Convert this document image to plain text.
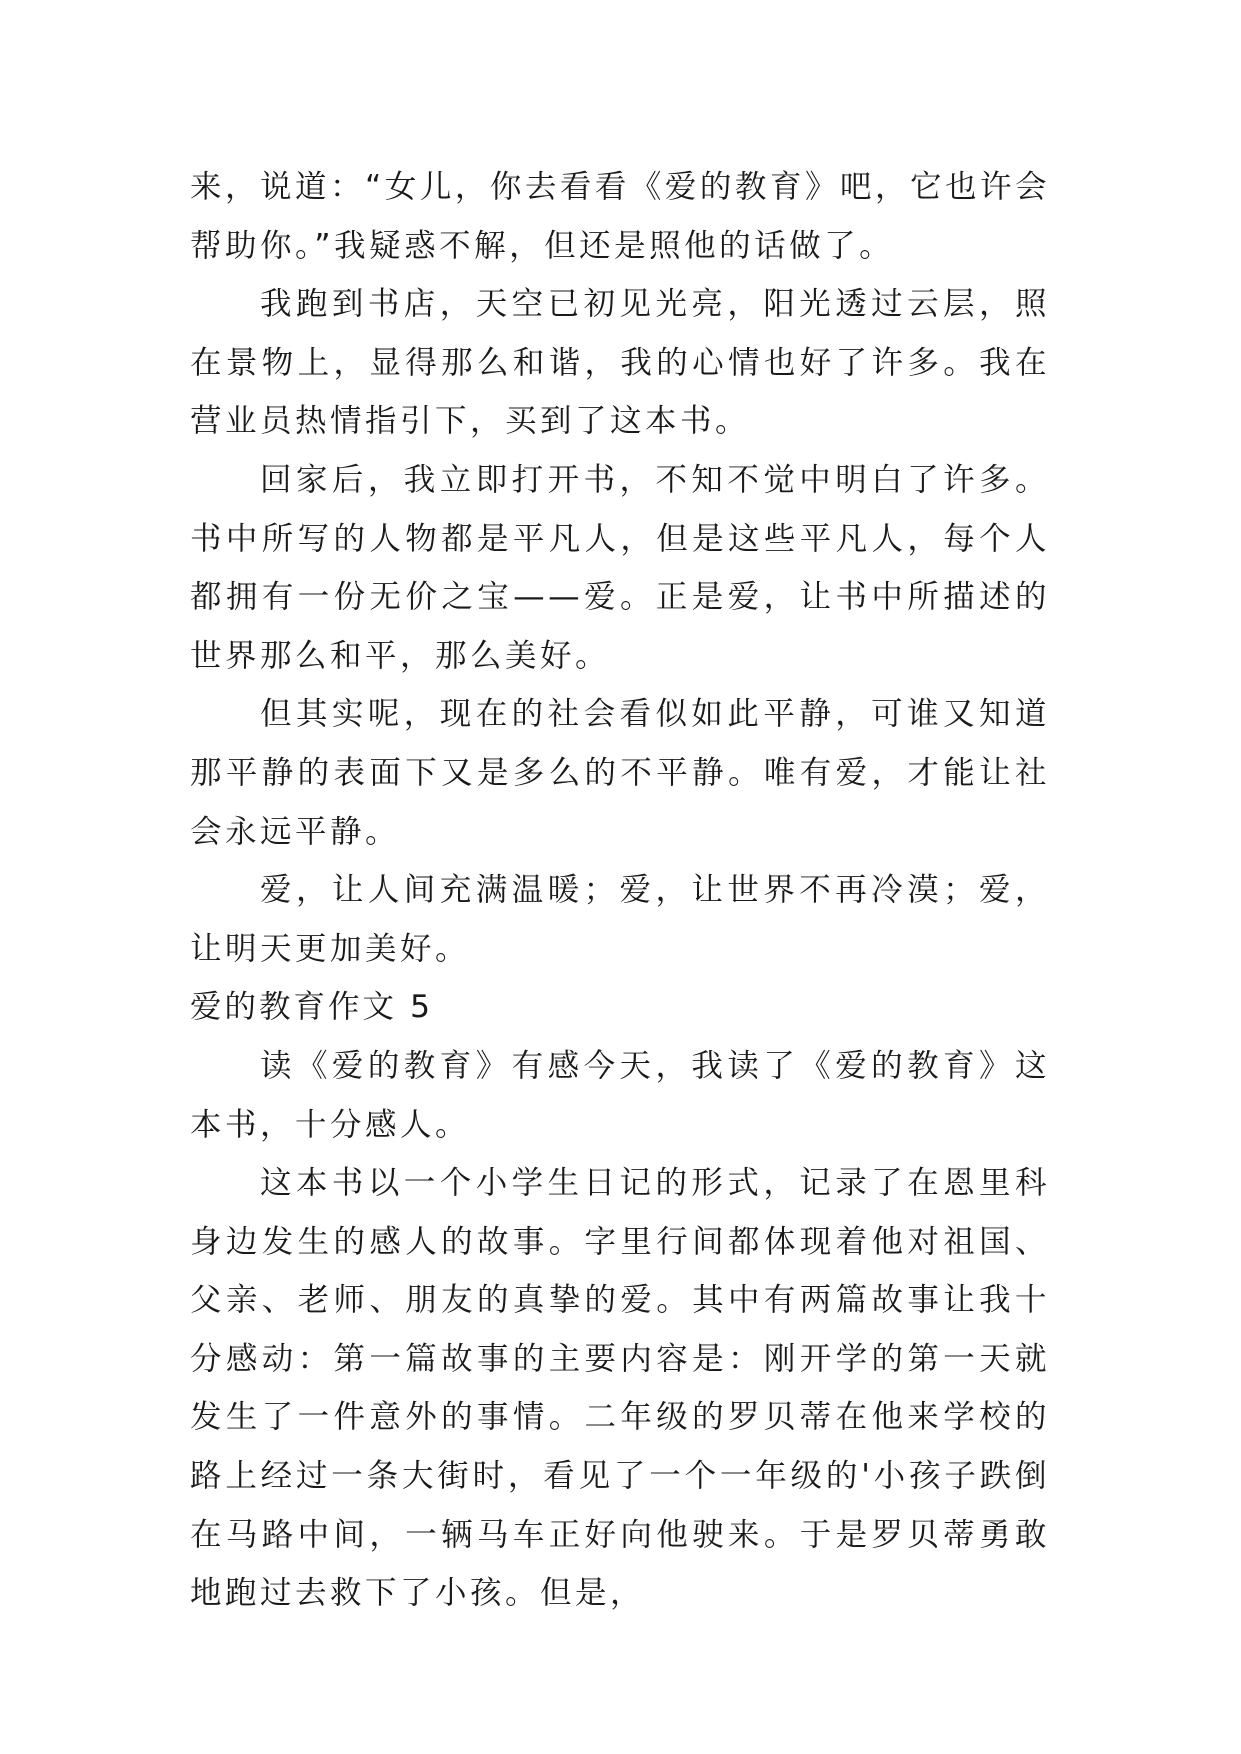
来，说道：“女儿，你去看看《爱的教育》吧，它也许会帮助你。”我疑惑不解，但还是照他的话做了。

我跑到书店，天空已初见光亮，阳光透过云层，照在景物上，显得那么和谐，我的心情也好了许多。我在营业员热情指引下，买到了这本书。

回家后，我立即打开书，不知不觉中明白了许多。书中所写的人物都是平凡人，但是这些平凡人，每个人都拥有一份无价之宝——爱。正是爱，让书中所描述的世界那么和平，那么美好。

但其实呢，现在的社会看似如此平静，可谁又知道那平静的表面下又是多么的不平静。唯有爱，才能让社会永远平静。

爱，让人间充满温暖；爱，让世界不再冷漠；爱，让明天更加美好。

爱的教育作文 5

读《爱的教育》有感今天，我读了《爱的教育》这本书，十分感人。

这本书以一个小学生日记的形式，记录了在恩里科身边发生的感人的故事。字里行间都体现着他对祖国、父亲、老师、朋友的真挚的爱。其中有两篇故事让我十分感动：第一篇故事的主要内容是：刚开学的第一天就发生了一件意外的事情。二年级的罗贝蒂在他来学校的路上经过一条大街时，看见了一个一年级的'小孩子跌倒在马路中间，一辆马车正好向他驶来。于是罗贝蒂勇敢地跑过去救下了小孩。但是，
